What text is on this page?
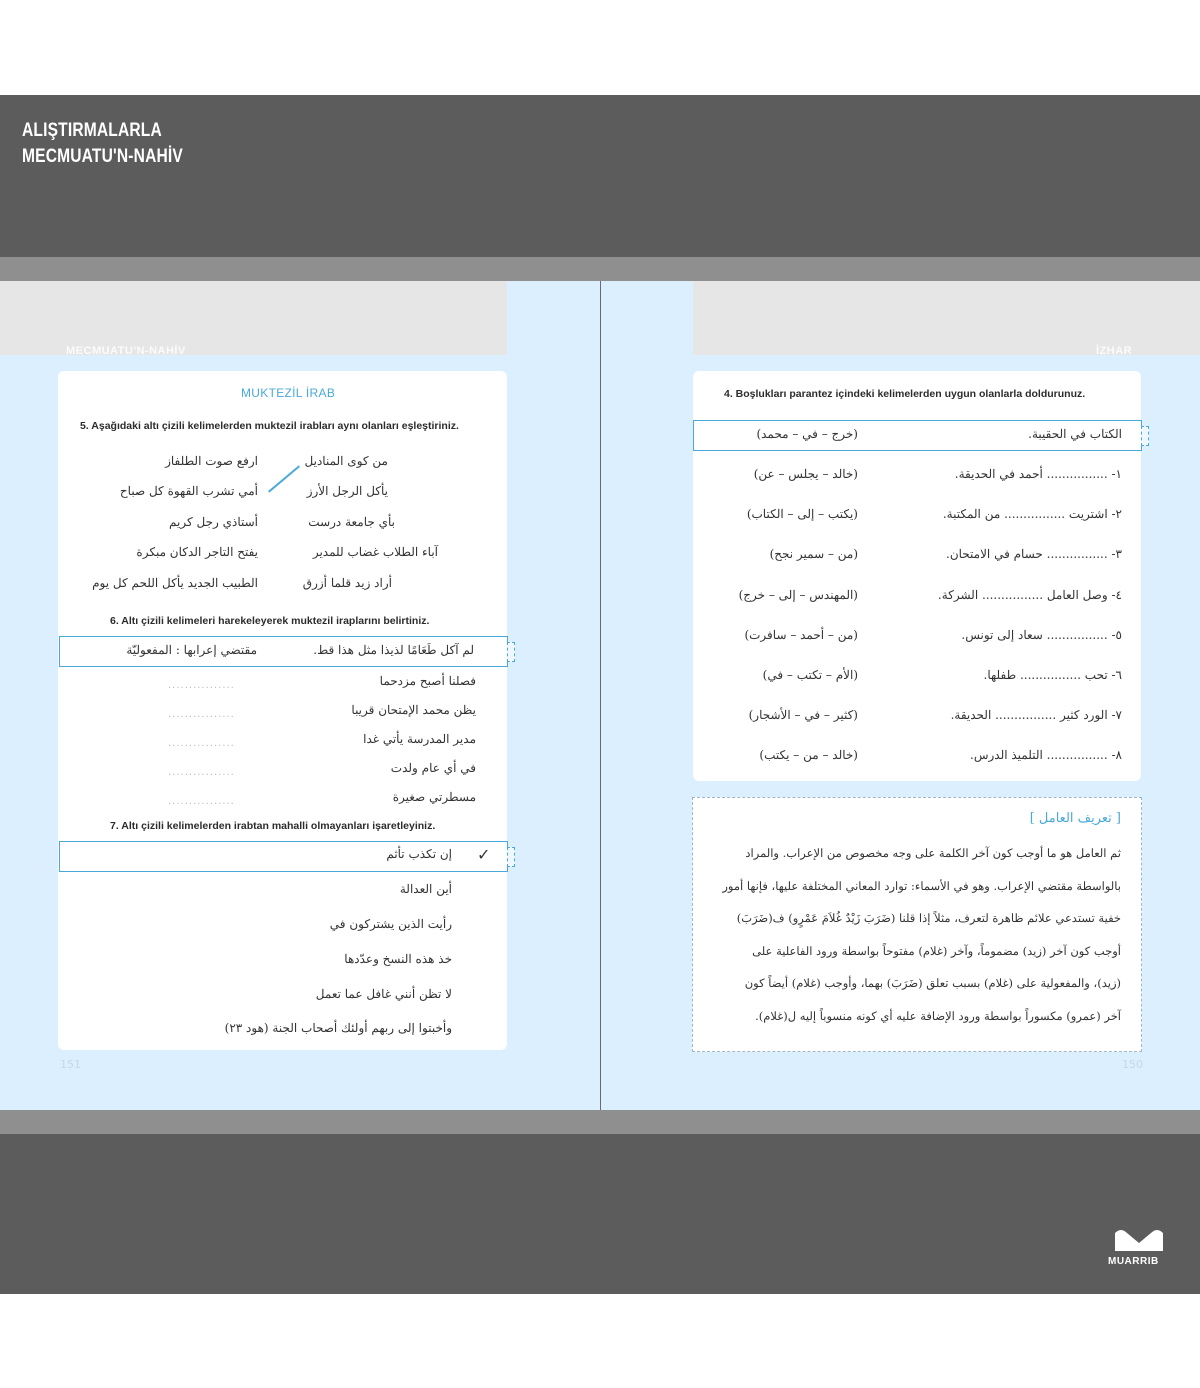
ALIŞTIRMALARLA
MECMUATU'N-NAHİV
MECMUATU'N-NAHİV	İZHAR
MUKTEZİL İRAB
5. Aşağıdaki altı çizili kelimelerden muktezil irabları aynı olanları eşleştiriniz.
من كوى المناديل
يأكل الرجل الأرز
بأي جامعة درست
آباء الطلاب غضاب للمدير
أراد زيد قلما أزرق
ارفع صوت الطلفاز
أمي تشرب القهوة كل صباح
أستاذي رجل كريم
يفتح التاجر الدكان مبكرة
الطبيب الجديد يأكل اللحم كل يوم
6. Altı çizili kelimeleri harekeleyerek muktezil iraplarını belirtiniz.
لم آكل طَعَامًا لذيذا مثل هذا قط.
مقتضي إعرابها : المفعوليّة
فصلنا أصبح مزدحما
يظن محمد الإمتحان قريبا
مدير المدرسة يأتي غدا
في أي عام ولدت
مسطرتي صغيرة
................
................
................
................
................
7. Altı çizili kelimelerden irabtan mahalli olmayanları işaretleyiniz.
✓
إن تكذب تأثم
أين العدالة
رأيت الذين يشتركون في
خذ هذه النسخ وعدّدها
لا تظن أنني غافل عما تعمل
وأخبتوا إلى ربهم أولئك أصحاب الجنة (هود ٢٣)
151
4. Boşlukları parantez içindeki kelimelerden uygun olanlarla doldurunuz.
الكتاب في الحقيبة.
(خرج – في – محمد)
١- ................ أحمد في الحديقة.
(خالد – يجلس – عن)
٢- اشتريت ................ من المكتبة.
(يكتب – إلى – الكتاب)
٣- ................ حسام في الامتحان.
(من – سمير نجح)
٤- وصل العامل ................ الشركة.
(المهندس – إلى – خرج)
٥- ................ سعاد إلى تونس.
(من – أحمد – سافرت)
٦- تحب ................ طفلها.
(الأم – تكتب – في)
٧- الورد كثير ................ الحديقة.
(كثير – في – الأشجار)
٨- ................ التلميذ الدرس.
(خالد – من – يكتب)
[ تعريف العامل ]
ثم العامل هو ما أوجب كون آخر الكلمة على وجه مخصوص من الإعراب. والمراد
بالواسطة مقتضي الإعراب. وهو في الأسماء: توارد المعاني المختلفة عليها، فإنها أمور
خفية تستدعي علائم ظاهرة لتعرف، مثلاً إذا قلنا (ضَرَبَ زَيْدٌ غُلاَمَ عَمْرٍو) ف(ضَرَبَ)
أوجب كون آخر (زيد) مضموماً، وآخر (غلام) مفتوحاً بواسطة ورود الفاعلية على
(زيد)، والمفعولية على (غلام) بسبب تعلق (ضَرَبَ) بهما، وأوجب (غلام) أيضاً كون
آخر (عمرو) مكسوراً بواسطة ورود الإضافة عليه أي كونه منسوباً إليه ل(غلام).
150
MUARRIB
